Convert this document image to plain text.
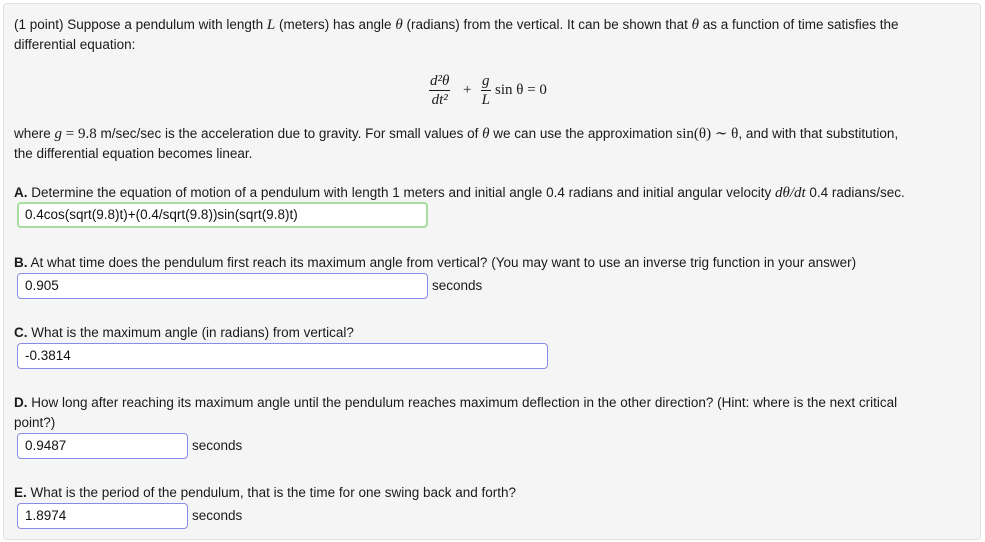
(1 point) Suppose a pendulum with length L (meters) has angle θ (radians) from the vertical. It can be shown that θ as a function of time satisfies the
differential equation:
$\frac{\text{d²θ}}{\text{dt²}} + \frac{g}{L}$ sin θ = 0
where g = 9.8 m/sec/sec is the acceleration due to gravity. For small values of θ we can use the approximation sin(θ) ∼ θ, and with that substitution,
the differential equation becomes linear.
A. Determine the equation of motion of a pendulum with length 1 meters and initial angle 0.4 radians and initial angular velocity dθ/dt 0.4 radians/sec.
0.4cos(sqrt(9.8)t)+(0.4/sqrt(9.8))sin(sqrt(9.8)t)
B. At what time does the pendulum first reach its maximum angle from vertical? (You may want to use an inverse trig function in your answer)
0.905	seconds
C. What is the maximum angle (in radians) from vertical?
-0.3814
D. How long after reaching its maximum angle until the pendulum reaches maximum deflection in the other direction? (Hint: where is the next critical
point?)
0.9487	seconds
E. What is the period of the pendulum, that is the time for one swing back and forth?
1.8974	seconds
